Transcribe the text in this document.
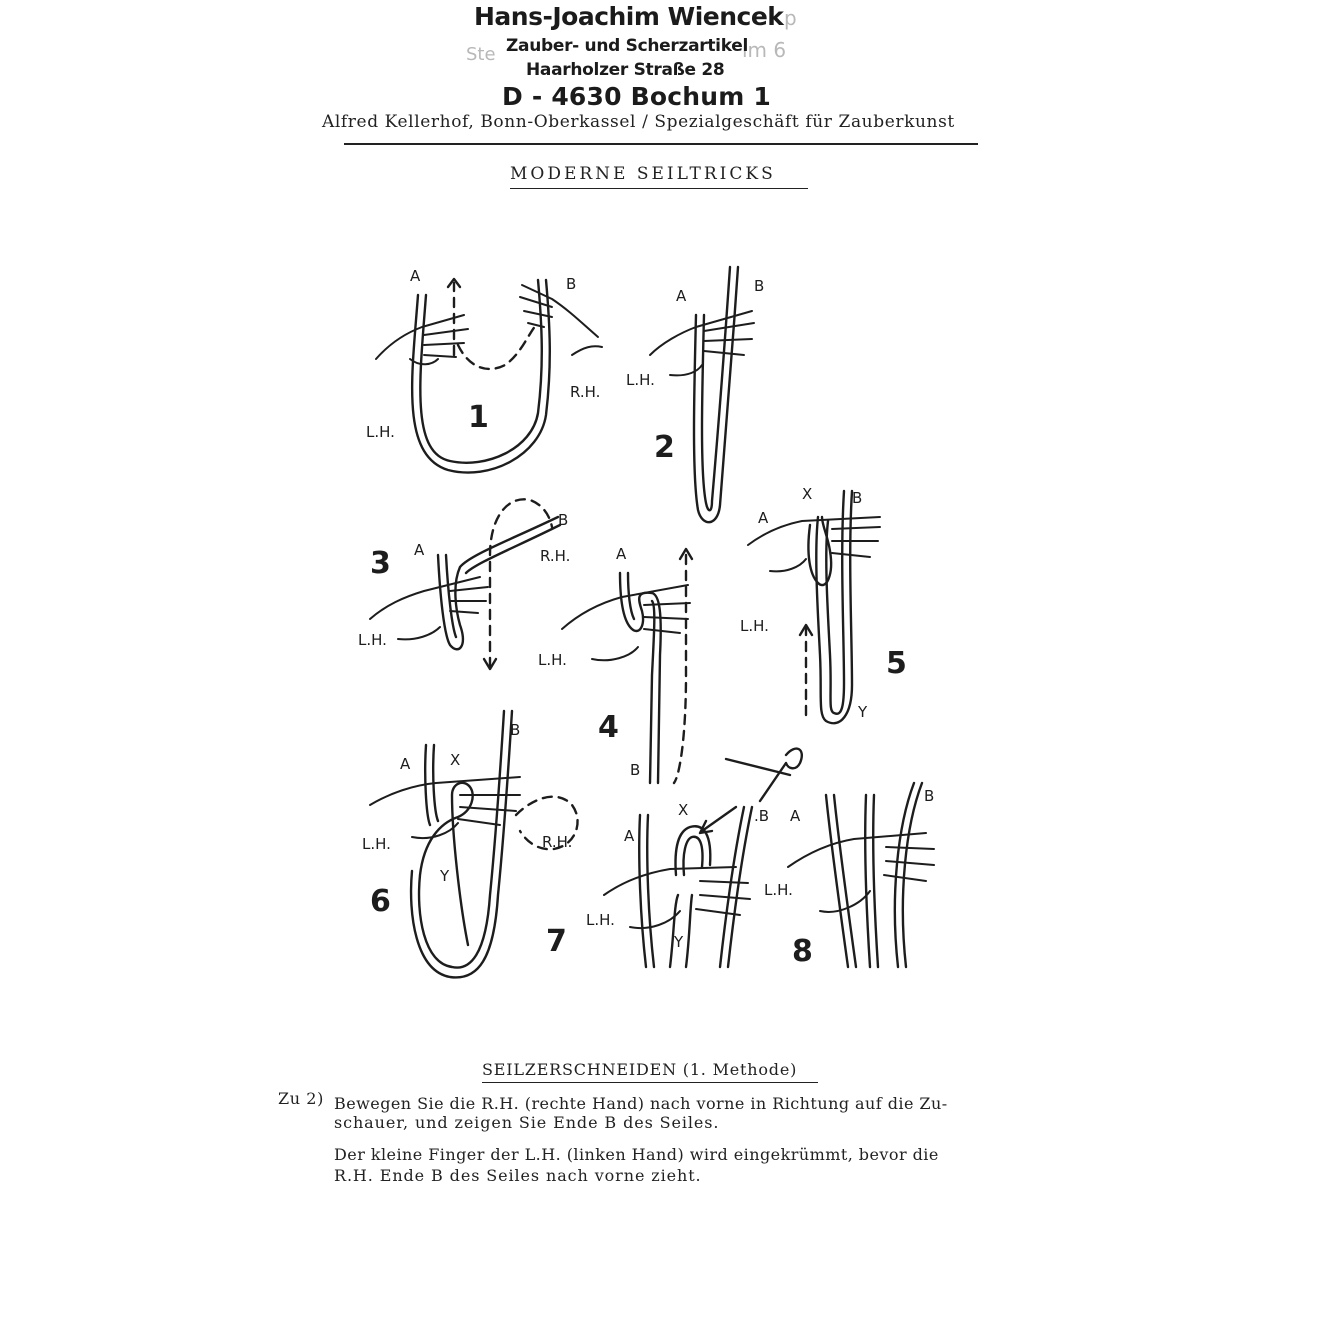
Ste	ım 6
p
Hans-Joachim Wiencek
Zauber- und Scherzartikel
Haarholzer Straße 28
D - 4630 Bochum 1
Alfred Kellerhof, Bonn-Oberkassel / Spezialgeschäft für Zauberkunst
MODERNE SEILTRICKS
A	B
R.H.
L.H. 1
A
B
L.H.
2
A
B
R.H.
L.H.
3	A
L.H.
B
4
A
X	B
L.H.
Y
5
A	X
B
L.H.	R.H.
Y
6
A
X	.B
L.H.
Y
7
A
B
L.H.
8
SEILZERSCHNEIDEN (1. Methode)
Zu 2) Bewegen Sie die R.H. (rechte Hand) nach vorne in Richtung auf die Zu-
schauer, und zeigen Sie Ende B des Seiles.
Der kleine Finger der L.H. (linken Hand) wird eingekrümmt, bevor die
R.H. Ende B des Seiles nach vorne zieht.
